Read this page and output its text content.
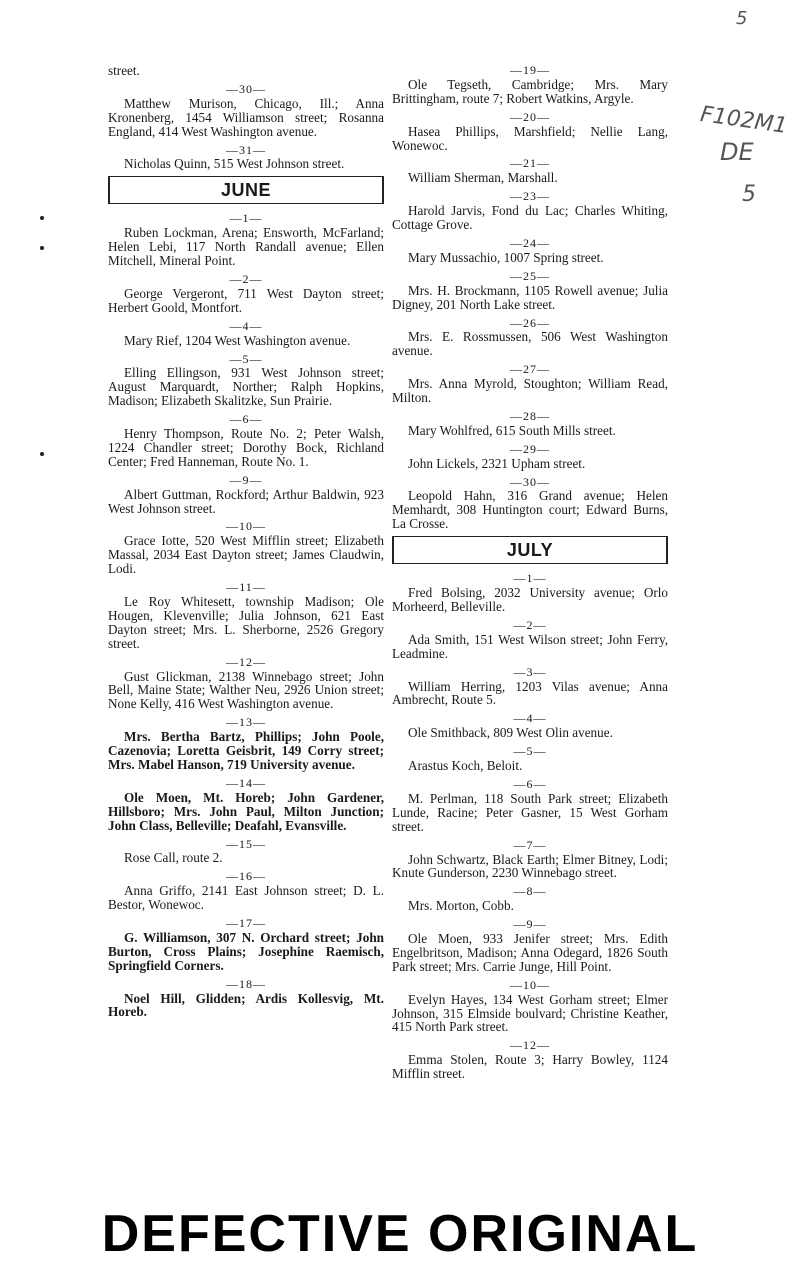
street.
—30—
Matthew Murison, Chicago, Ill.; Anna Kronenberg, 1454 Williamson street; Rosanna England, 414 West Washington avenue.
—31—
Nicholas Quinn, 515 West Johnson street.
JUNE
—1—
Ruben Lockman, Arena; Ensworth, McFarland; Helen Lebi, 117 North Randall avenue; Ellen Mitchell, Mineral Point.
—2—
George Vergeront, 711 West Dayton street; Herbert Goold, Montfort.
—4—
Mary Rief, 1204 West Washington avenue.
—5—
Elling Ellingson, 931 West Johnson street; August Marquardt, Norther; Ralph Hopkins, Madison; Elizabeth Skalitzke, Sun Prairie.
—6—
Henry Thompson, Route No. 2; Peter Walsh, 1224 Chandler street; Dorothy Bock, Richland Center; Fred Hanneman, Route No. 1.
—9—
Albert Guttman, Rockford; Arthur Baldwin, 923 West Johnson street.
—10—
Grace Iotte, 520 West Mifflin street; Elizabeth Massal, 2034 East Dayton street; James Claudwin, Lodi.
—11—
Le Roy Whitesett, township Madison; Ole Hougen, Klevenville; Julia Johnson, 621 East Dayton street; Mrs. L. Sherborne, 2526 Gregory street.
—12—
Gust Glickman, 2138 Winnebago street; John Bell, Maine State; Walther Neu, 2926 Union street; None Kelly, 416 West Washington avenue.
—13—
Mrs. Bertha Bartz, Phillips; John Poole, Cazenovia; Loretta Geisbrit, 149 Corry street; Mrs. Mabel Hanson, 719 University avenue.
—14—
Ole Moen, Mt. Horeb; John Gardener, Hillsboro; Mrs. John Paul, Milton Junction; John Class, Belleville; Deafahl, Evansville.
—15—
Rose Call, route 2.
—16—
Anna Griffo, 2141 East Johnson street; D. L. Bestor, Wonewoc.
—17—
G. Williamson, 307 N. Orchard street; John Burton, Cross Plains; Josephine Raemisch, Springfield Corners.
—18—
Noel Hill, Glidden; Ardis Kollesvig, Mt. Horeb.
—19—
Ole Tegseth, Cambridge; Mrs. Mary Brittingham, route 7; Robert Watkins, Argyle.
—20—
Hasea Phillips, Marshfield; Nellie Lang, Wonewoc.
—21—
William Sherman, Marshall.
—23—
Harold Jarvis, Fond du Lac; Charles Whiting, Cottage Grove.
—24—
Mary Mussachio, 1007 Spring street.
—25—
Mrs. H. Brockmann, 1105 Rowell avenue; Julia Digney, 201 North Lake street.
—26—
Mrs. E. Rossmussen, 506 West Washington avenue.
—27—
Mrs. Anna Myrold, Stoughton; William Read, Milton.
—28—
Mary Wohlfred, 615 South Mills street.
—29—
John Lickels, 2321 Upham street.
—30—
Leopold Hahn, 316 Grand avenue; Helen Memhardt, 308 Huntington court; Edward Burns, La Crosse.
JULY
—1—
Fred Bolsing, 2032 University avenue; Orlo Morheerd, Belleville.
—2—
Ada Smith, 151 West Wilson street; John Ferry, Leadmine.
—3—
William Herring, 1203 Vilas avenue; Anna Ambrecht, Route 5.
—4—
Ole Smithback, 809 West Olin avenue.
—5—
Arastus Koch, Beloit.
—6—
M. Perlman, 118 South Park street; Elizabeth Lunde, Racine; Peter Gasner, 15 West Gorham street.
—7—
John Schwartz, Black Earth; Elmer Bitney, Lodi; Knute Gunderson, 2230 Winnebago street.
—8—
Mrs. Morton, Cobb.
—9—
Ole Moen, 933 Jenifer street; Mrs. Edith Engelbritson, Madison; Anna Odegard, 1826 South Park street; Mrs. Carrie Junge, Hill Point.
—10—
Evelyn Hayes, 134 West Gorham street; Elmer Johnson, 315 Elmside boulvard; Christine Keather, 415 North Park street.
—12—
Emma Stolen, Route 3; Harry Bowley, 1124 Mifflin street.
5
F102M1
DE
5
DEFECTIVE ORIGINAL
